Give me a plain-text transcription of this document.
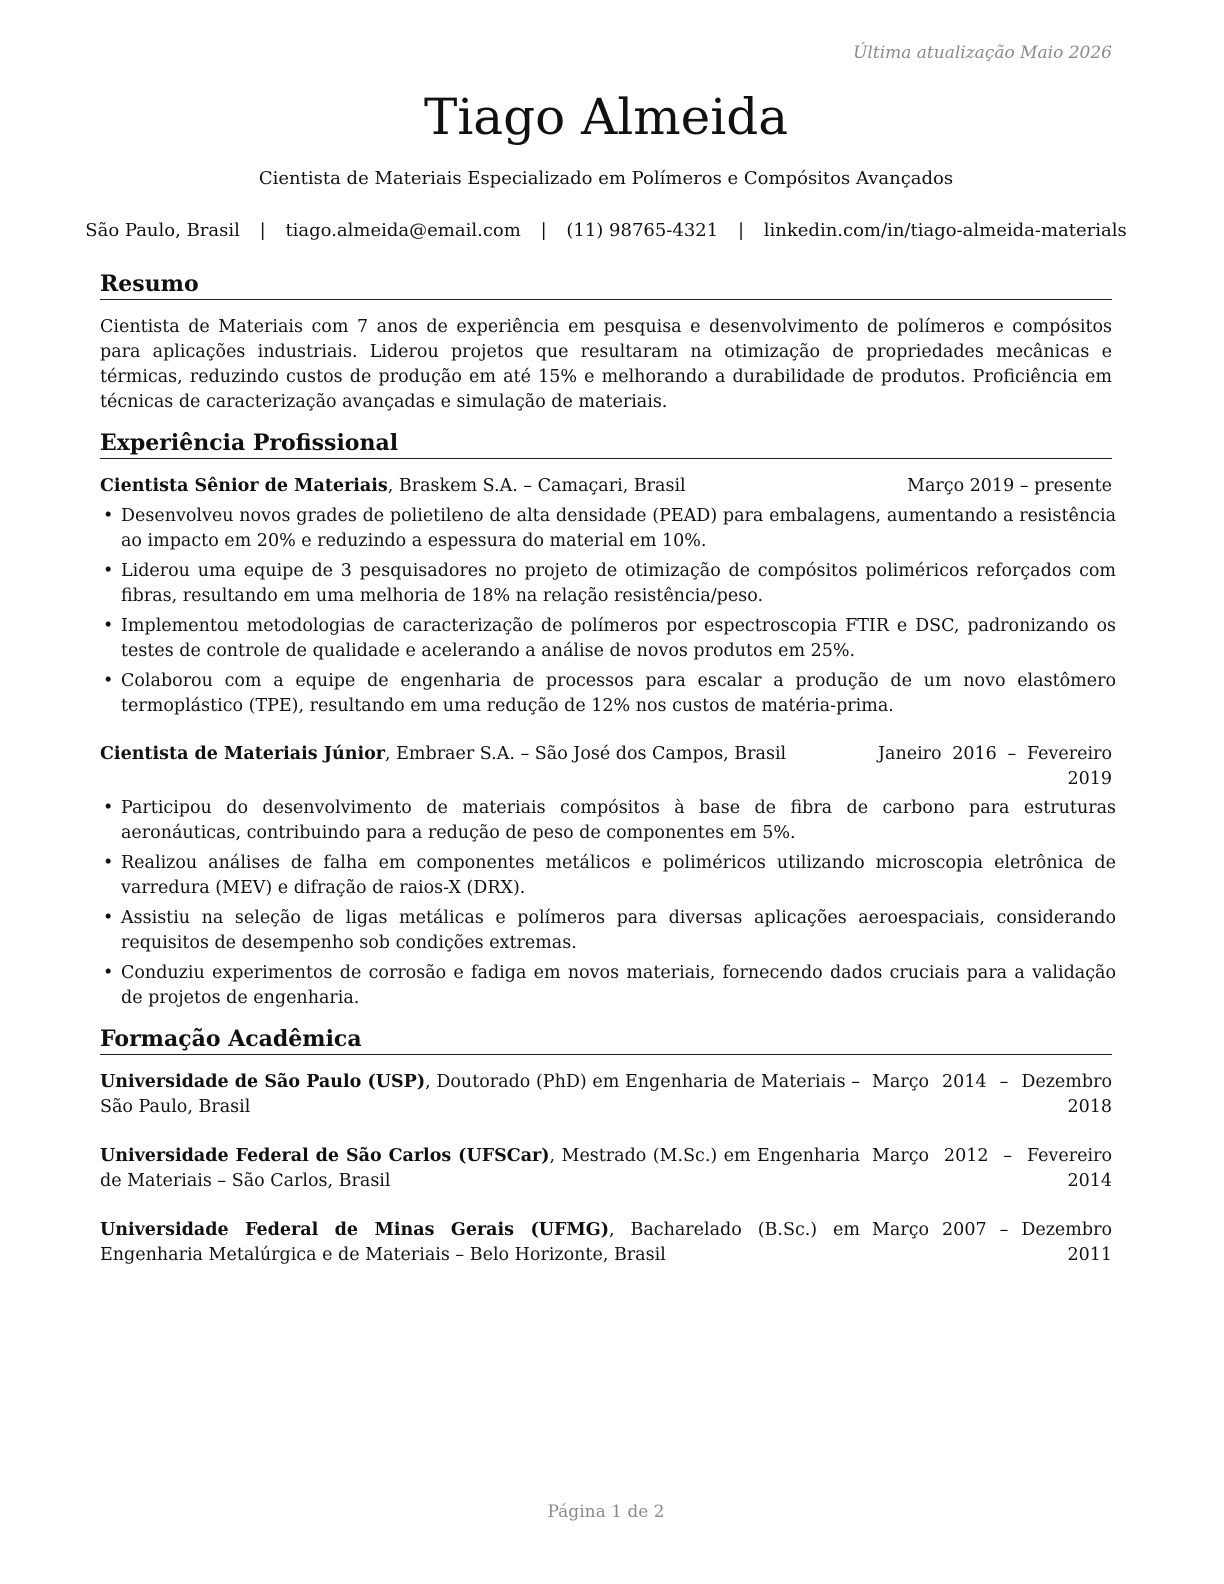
Última atualização Maio 2026
Tiago Almeida
Cientista de Materiais Especializado em Polímeros e Compósitos Avançados
São Paulo, Brasil | tiago.almeida@email.com | (11) 98765-4321 | linkedin.com/in/tiago-almeida-materials
Resumo
Cientista de Materiais com 7 anos de experiência em pesquisa e desenvolvimento de polímeros e compósitos para aplicações industriais. Liderou projetos que resultaram na otimização de propriedades mecânicas e térmicas, reduzindo custos de produção em até 15% e melhorando a durabilidade de produtos. Proficiência em técnicas de caracterização avançadas e simulação de materiais.
Experiência Profissional
Cientista Sênior de Materiais, Braskem S.A. – Camaçari, Brasil	Março 2019 – presente
• Desenvolveu novos grades de polietileno de alta densidade (PEAD) para embalagens, aumentando a resistência ao impacto em 20% e reduzindo a espessura do material em 10%.
• Liderou uma equipe de 3 pesquisadores no projeto de otimização de compósitos poliméricos reforçados com fibras, resultando em uma melhoria de 18% na relação resistência/peso.
• Implementou metodologias de caracterização de polímeros por espectroscopia FTIR e DSC, padronizando os testes de controle de qualidade e acelerando a análise de novos produtos em 25%.
• Colaborou com a equipe de engenharia de processos para escalar a produção de um novo elastômero termoplástico (TPE), resultando em uma redução de 12% nos custos de matéria-prima.
Cientista de Materiais Júnior, Embraer S.A. – São José dos Campos, Brasil	Janeiro 2016 – Fevereiro
2019
• Participou do desenvolvimento de materiais compósitos à base de fibra de carbono para estruturas aeronáuticas, contribuindo para a redução de peso de componentes em 5%.
• Realizou análises de falha em componentes metálicos e poliméricos utilizando microscopia eletrônica de varredura (MEV) e difração de raios-X (DRX).
• Assistiu na seleção de ligas metálicas e polímeros para diversas aplicações aeroespaciais, considerando requisitos de desempenho sob condições extremas.
• Conduziu experimentos de corrosão e fadiga em novos materiais, fornecendo dados cruciais para a validação de projetos de engenharia.
Formação Acadêmica
Universidade de São Paulo (USP), Doutorado (PhD) em Engenharia de Materiais – São Paulo, Brasil
Março 2014 – Dezembro
2018
Universidade Federal de São Carlos (UFSCar), Mestrado (M.Sc.) em Engenharia de Materiais – São Carlos, Brasil
Março 2012 – Fevereiro
2014
Universidade Federal de Minas Gerais (UFMG), Bacharelado (B.Sc.) em Engenharia Metalúrgica e de Materiais – Belo Horizonte, Brasil
Março 2007 – Dezembro
2011
Página 1 de 2
